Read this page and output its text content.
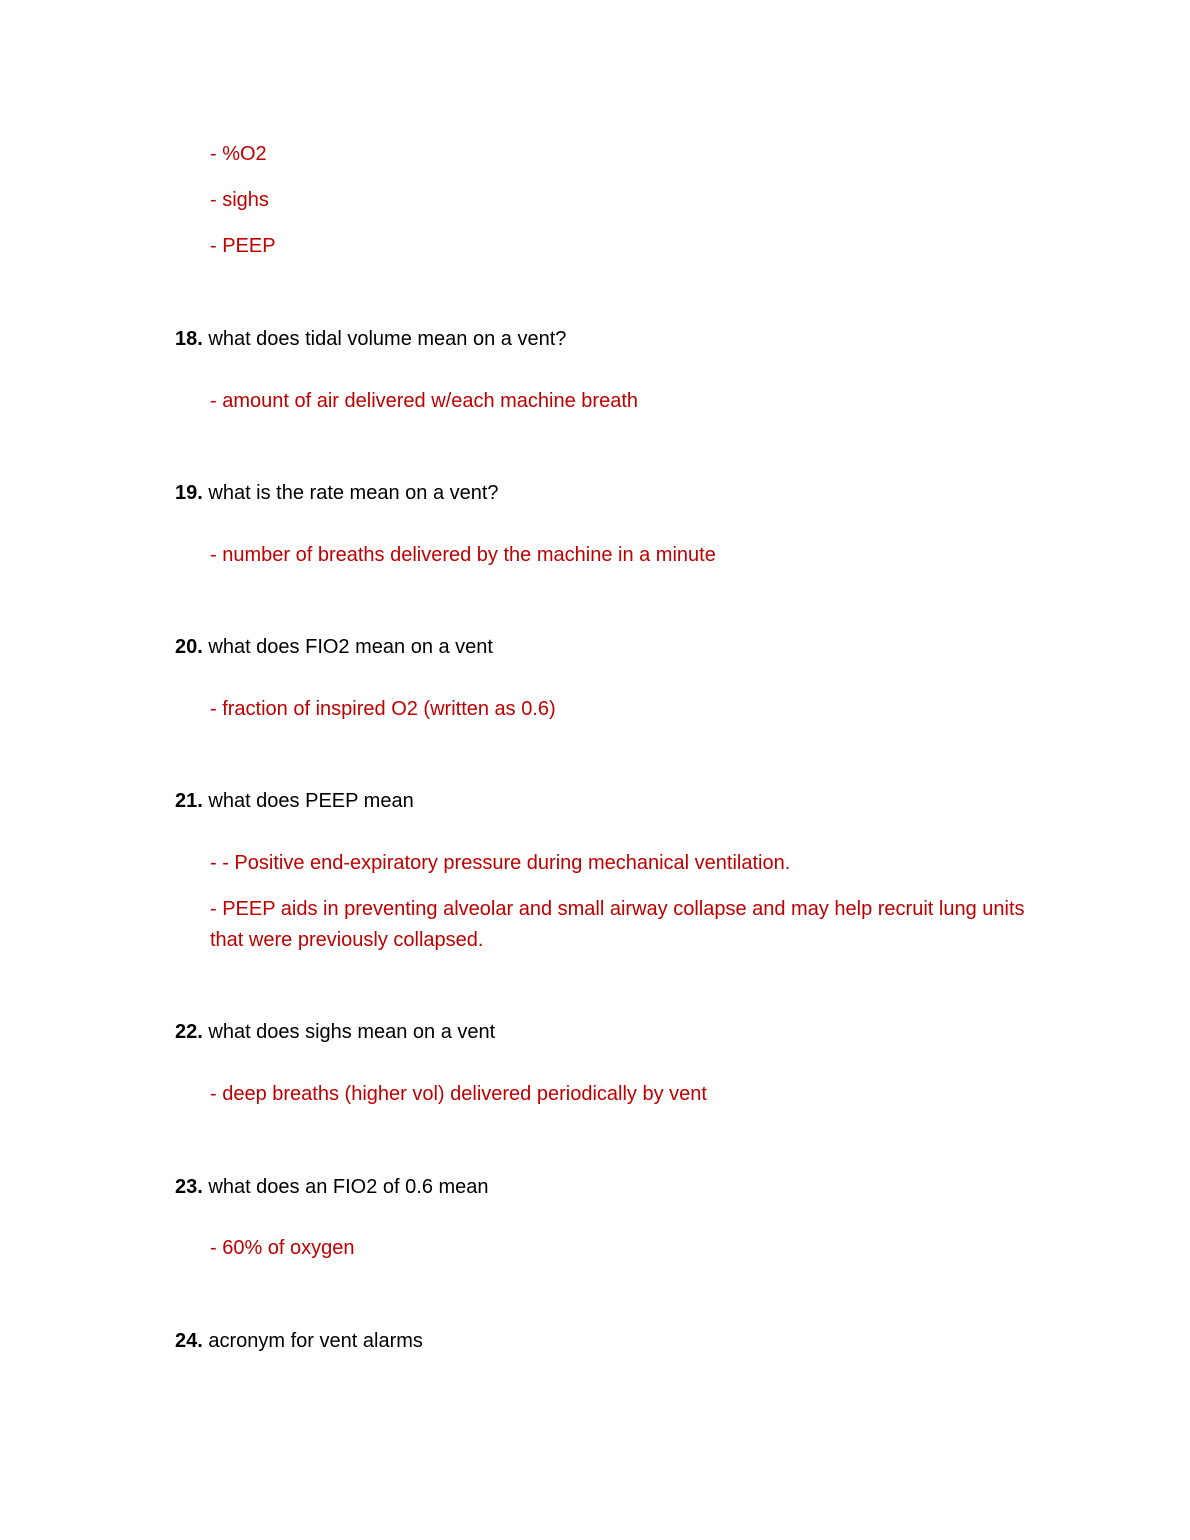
- %O2
- sighs
- PEEP
18. what does tidal volume mean on a vent?
- amount of air delivered w/each machine breath
19. what is the rate mean on a vent?
- number of breaths delivered by the machine in a minute
20. what does FIO2 mean on a vent
- fraction of inspired O2 (written as 0.6)
21. what does PEEP mean
- - Positive end-expiratory pressure during mechanical ventilation.
- PEEP aids in preventing alveolar and small airway collapse and may help recruit lung units that were previously collapsed.
22. what does sighs mean on a vent
- deep breaths (higher vol) delivered periodically by vent
23. what does an FIO2 of 0.6 mean
- 60% of oxygen
24. acronym for vent alarms
